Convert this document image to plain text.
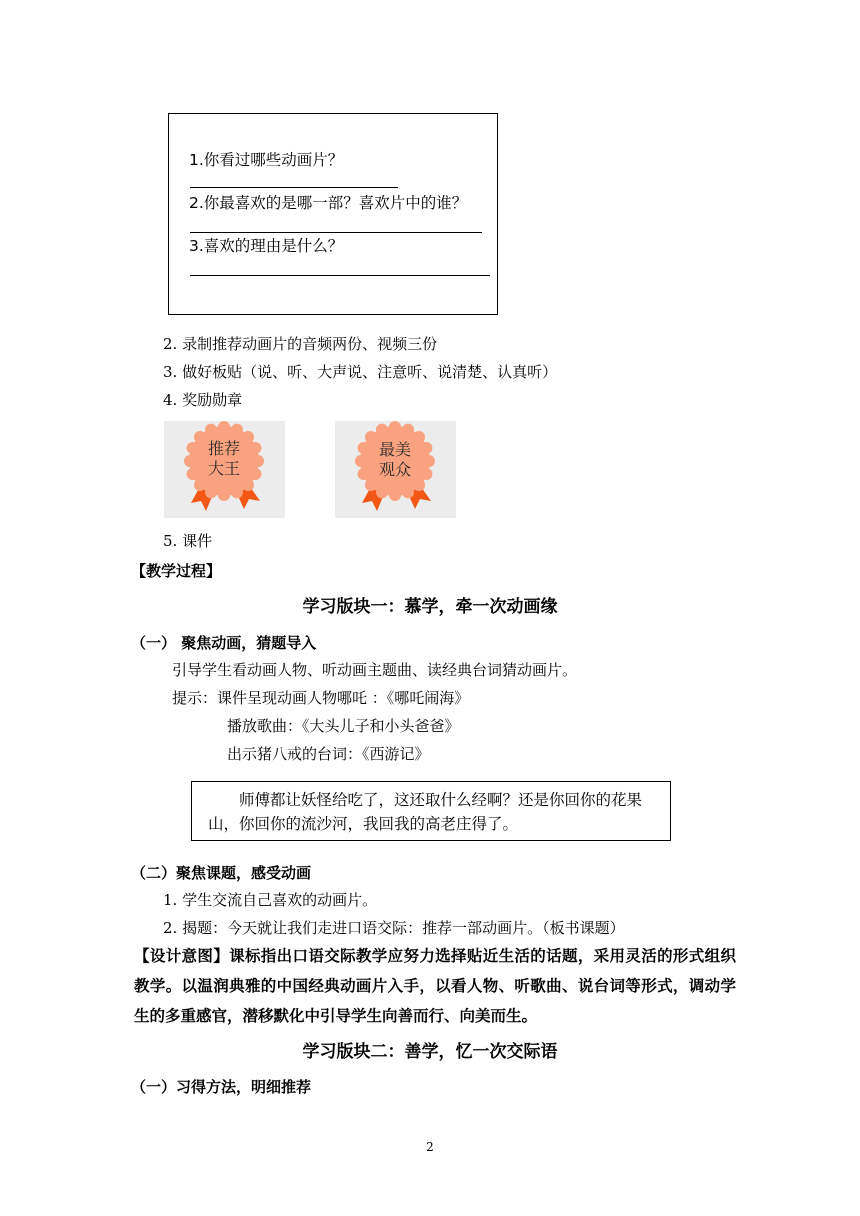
1.你看过哪些动画片？
2.你最喜欢的是哪一部？喜欢片中的谁？
3.喜欢的理由是什么？
2. 录制推荐动画片的音频两份、视频三份
3. 做好板贴（说、听、大声说、注意听、说清楚、认真听）
4. 奖励勋章
推荐
大王
最美
观众
5. 课件
【教学过程】
学习版块一：慕学，牵一次动画缘
（一） 聚焦动画，猜题导入
引导学生看动画人物、听动画主题曲、读经典台词猜动画片。
提示：课件呈现动画人物哪吒 ：《哪吒闹海》
播放歌曲：《大头儿子和小头爸爸》
出示猪八戒的台词：《西游记》
师傅都让妖怪给吃了，这还取什么经啊？还是你回你的花果山，你回你的流沙河，我回我的高老庄得了。
（二）聚焦课题，感受动画
1. 学生交流自己喜欢的动画片。
2. 揭题：今天就让我们走进口语交际：推荐一部动画片。（板书课题）
【设计意图】课标指出口语交际教学应努力选择贴近生活的话题，采用灵活的形式组织教学。以温润典雅的中国经典动画片入手，以看人物、听歌曲、说台词等形式，调动学生的多重感官，潜移默化中引导学生向善而行、向美而生。
学习版块二：善学，忆一次交际语
（一）习得方法，明细推荐
2
